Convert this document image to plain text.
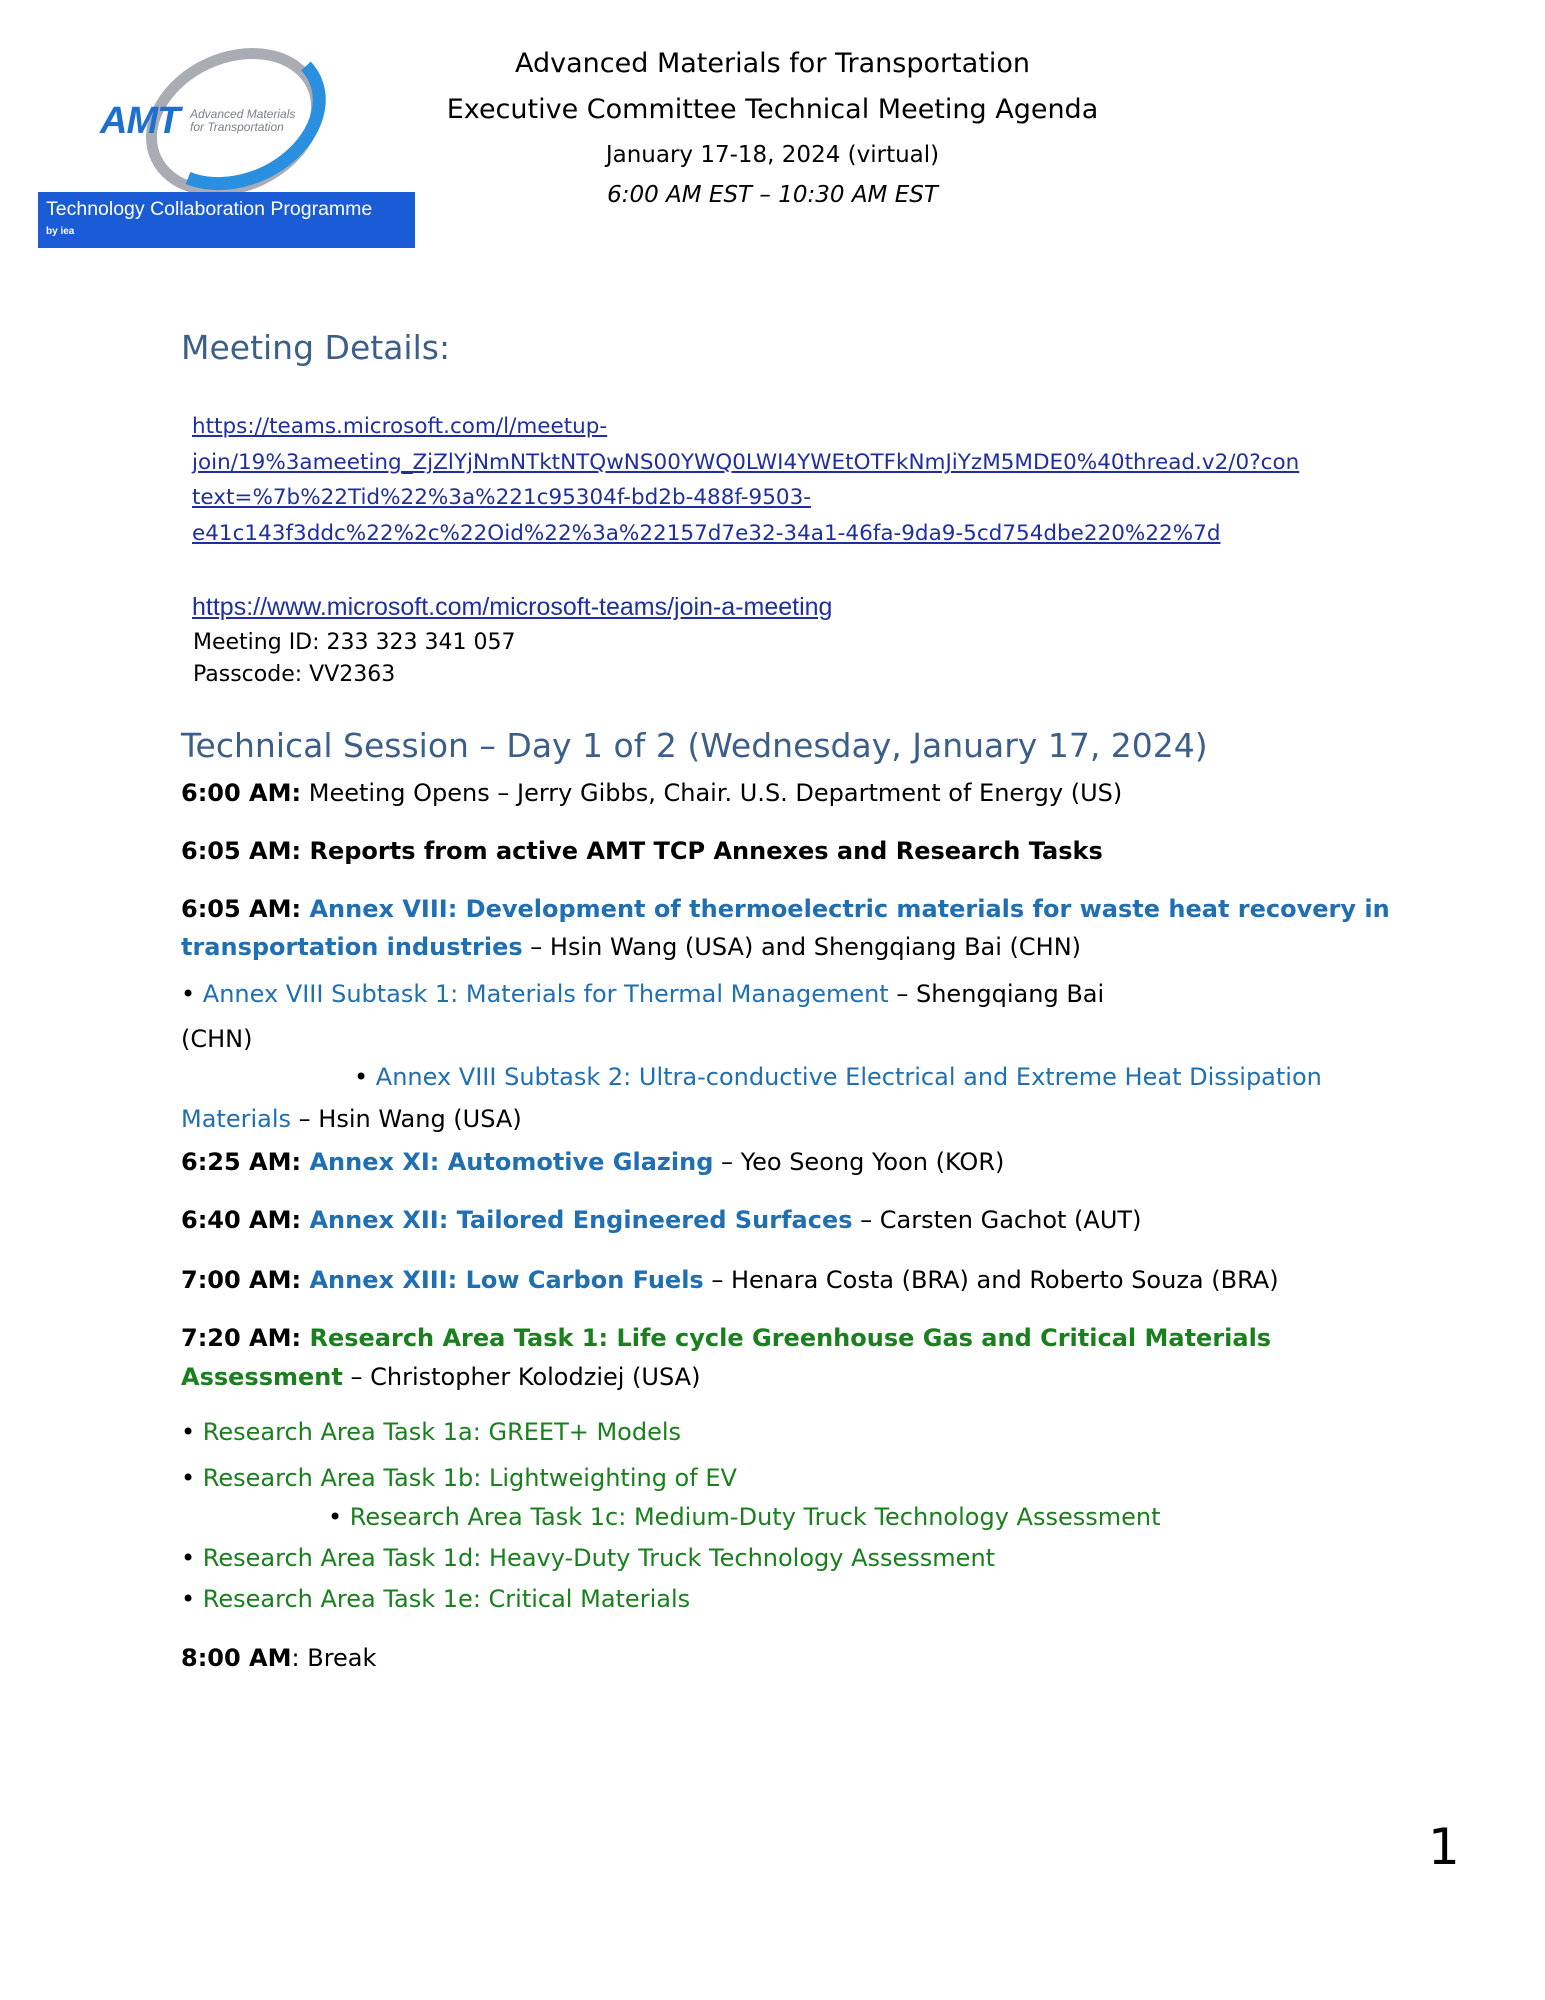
AMT Advanced Materials
for Transportation
Technology Collaboration Programme
by iea
Advanced Materials for Transportation
Executive Committee Technical Meeting Agenda
January 17-18, 2024 (virtual)
6:00 AM EST – 10:30 AM EST
Meeting Details:
https://teams.microsoft.com/l/meetup-
join/19%3ameeting_ZjZlYjNmNTktNTQwNS00YWQ0LWI4YWEtOTFkNmJiYzM5MDE0%40thread.v2/0?con
text=%7b%22Tid%22%3a%221c95304f-bd2b-488f-9503-
e41c143f3ddc%22%2c%22Oid%22%3a%22157d7e32-34a1-46fa-9da9-5cd754dbe220%22%7d
https://www.microsoft.com/microsoft-teams/join-a-meeting
Meeting ID: 233 323 341 057
Passcode: VV2363
Technical Session – Day 1 of 2 (Wednesday, January 17, 2024)
6:00 AM: Meeting Opens – Jerry Gibbs, Chair. U.S. Department of Energy (US)
6:05 AM: Reports from active AMT TCP Annexes and Research Tasks
6:05 AM: Annex VIII: Development of thermoelectric materials for waste heat recovery in
transportation industries – Hsin Wang (USA) and Shengqiang Bai (CHN)
• Annex VIII Subtask 1: Materials for Thermal Management – Shengqiang Bai
(CHN)
• Annex VIII Subtask 2: Ultra-conductive Electrical and Extreme Heat Dissipation
Materials – Hsin Wang (USA)
6:25 AM: Annex XI: Automotive Glazing – Yeo Seong Yoon (KOR)
6:40 AM: Annex XII: Tailored Engineered Surfaces – Carsten Gachot (AUT)
7:00 AM: Annex XIII: Low Carbon Fuels – Henara Costa (BRA) and Roberto Souza (BRA)
7:20 AM: Research Area Task 1: Life cycle Greenhouse Gas and Critical Materials
Assessment – Christopher Kolodziej (USA)
• Research Area Task 1a: GREET+ Models
• Research Area Task 1b: Lightweighting of EV
• Research Area Task 1c: Medium-Duty Truck Technology Assessment
• Research Area Task 1d: Heavy-Duty Truck Technology Assessment
• Research Area Task 1e: Critical Materials
8:00 AM: Break
1
